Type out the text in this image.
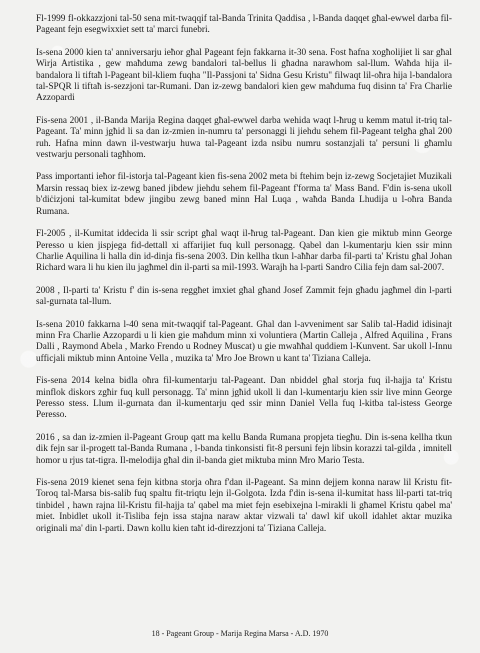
Fl-1999 fl-okkazzjoni tal-50 sena mit-twaqqif tal-Banda Trinita Qaddisa , l-Banda daqqet għal-ewwel darba fil-Pageant fejn esegwixxiet sett ta' marci funebri.

Is-sena 2000 kien ta' anniversarju ieħor għal Pageant fejn fakkarna it-30 sena. Fost ħafna xogħolijiet li sar għal Wirja Artistika , gew maħduma zewg bandalori tal-bellus li għadna narawhom sal-llum. Waħda hija il-bandalora li tiftaħ l-Pageant bil-kliem fuqha "Il-Passjoni ta' Sidna Gesu Kristu" filwaqt lil-oħra hija l-bandalora tal-SPQR li tiftaħ is-sezzjoni tar-Rumani. Dan iz-zewg bandalori kien gew maħduma fuq disinn ta' Fra Charlie Azzopardi

Fis-sena 2001 , il-Banda Marija Regina daqqet għal-ewwel darba wehida waqt l-ħrug u kemm matul it-triq tal-Pageant. Ta' minn jgħid li sa dan iz-zmien in-numru ta' personaggi li jiehdu sehem fil-Pageant telgħa għal 200 ruh. Hafna minn dawn il-vestwarju huwa tal-Pageant izda nsibu numru sostanzjali ta' persuni li għamlu vestwarju personali tagħhom.

Pass importanti ieħor fil-istorja tal-Pageant kien fis-sena 2002 meta bi ftehim bejn iz-zewg Socjetajiet Muzikali Marsin ressaq biex iz-zewg baned jibdew jiehdu sehem fil-Pageant f'forma ta' Mass Band. F'din is-sena ukoll b'diċizjoni tal-kumitat bdew jingibu zewg baned minn Hal Luqa , waħda Banda Lhudija u l-oħra Banda Rumana.

Fl-2005 , il-Kumitat iddecida li ssir script għal waqt il-ħrug tal-Pageant. Dan kien gie miktub minn George Peresso u kien jispjega fid-dettall xi affarijiet fuq kull personagg. Qabel dan l-kumentarju kien ssir minn Charlie Aquilina li halla din id-dinja fis-sena 2003. Din kellha tkun l-aħħar darba fil-parti ta' Kristu għal Johan Richard wara li hu kien ilu jagħmel din il-parti sa mil-1993. Warajh ha l-parti Sandro Cilia fejn dam sal-2007.

2008 , Il-parti ta' Kristu f' din is-sena reggħet imxiet għal għand Josef Zammit fejn għadu jagħmel din l-parti sal-gurnata tal-llum.

Is-sena 2010 fakkarna l-40 sena mit-twaqqif tal-Pageant. Għal dan l-avveniment sar Salib tal-Hadid idisinajt minn Fra Charlie Azzopardi u li kien gie maħdum minn xi voluntiera (Martin Calleja , Alfred Aquilina , Frans Dalli , Raymond Abela , Marko Frendo u Rodney Muscat) u gie mwaħħal quddiem l-Kunvent. Sar ukoll l-Innu ufficjali miktub minn Antoine Vella , muzika ta' Mro Joe Brown u kant ta' Tiziana Calleja.

Fis-sena 2014 kelna bidla oħra fil-kumentarju tal-Pageant. Dan nbiddel għal storja fuq il-hajja ta' Kristu minflok diskors zgħir fuq kull personagg. Ta' minn jgħid ukoll li dan l-kumentarju kien ssir live minn George Peresso stess. Llum il-gurnata dan il-kumentarju qed ssir minn Daniel Vella fuq l-kitba tal-istess George Peresso.

2016 , sa dan iz-zmien il-Pageant Group qatt ma kellu Banda Rumana propjeta tiegħu. Din is-sena kellha tkun dik fejn sar il-progett tal-Banda Rumana , l-banda tinkonsisti fit-8 persuni fejn libsin korazzi tal-gilda , imnitell homor u rjus tat-tigra. Il-melodija għal din il-banda giet miktuba minn Mro Mario Testa.

Fis-sena 2019 kienet sena fejn kitbna storja oħra f'dan il-Pageant. Sa minn dejjem konna naraw lil Kristu fit-Toroq tal-Marsa bis-salib fuq spaltu fit-triqtu lejn il-Golgota. Izda f'din is-sena il-kumitat hass lil-parti tat-triq tinbidel , hawn rajna lil-Kristu fil-hajja ta' qabel ma miet fejn esebixejna l-mirakli li għamel Kristu qabel ma' miet. Inbidlet ukoll it-Tisliba fejn issa stajna naraw aktar vizwali ta' dawl kif ukoll idahlet aktar muzika originali ma' din l-parti. Dawn kollu kien taħt id-direzzjoni ta' Tiziana Calleja.

18 - Pageant Group - Marija Regina Marsa - A.D. 1970
